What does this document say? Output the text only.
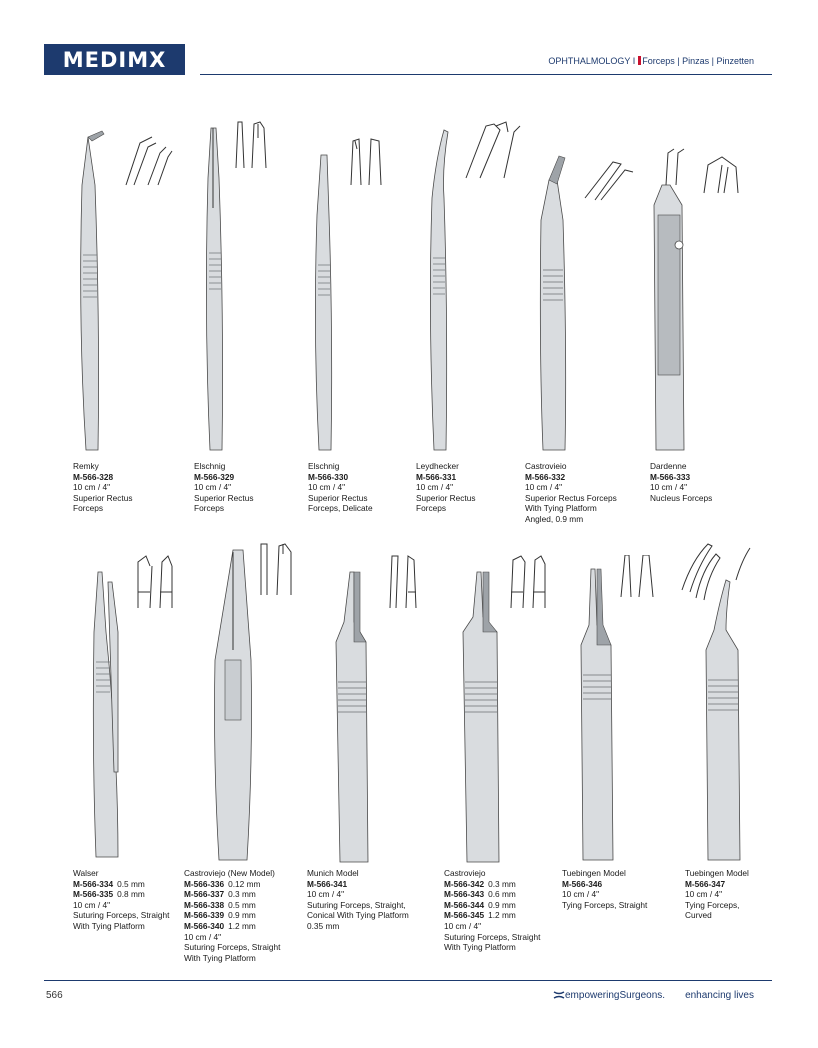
MEDIMX	OPHTHALMOLOGY I Forceps | Pinzas | Pinzetten
Remky
M-566-328
10 cm / 4"
Superior Rectus
Forceps
Elschnig
M-566-329
10 cm / 4"
Superior Rectus
Forceps
Elschnig
M-566-330
10 cm / 4"
Superior Rectus
Forceps, Delicate
Leydhecker
M-566-331
10 cm / 4"
Superior Rectus
Forceps
Castrovieio
M-566-332
10 cm / 4"
Superior Rectus Forceps
With Tying Platform
Angled, 0.9 mm
Dardenne
M-566-333
10 cm / 4"
Nucleus Forceps
Walser
M-566-334 0.5 mm
M-566-335 0.8 mm
10 cm / 4"
Suturing Forceps, Straight
With Tying Platform
Castroviejo (New Model)
M-566-336 0.12 mm
M-566-337 0.3 mm
M-566-338 0.5 mm
M-566-339 0.9 mm
M-566-340 1.2 mm
10 cm / 4"
Suturing Forceps, Straight
With Tying Platform
Munich Model
M-566-341
10 cm / 4"
Suturing Forceps, Straight,
Conical With Tying Platform
0.35 mm
Castroviejo
M-566-342 0.3 mm
M-566-343 0.6 mm
M-566-344 0.9 mm
M-566-345 1.2 mm
10 cm / 4"
Suturing Forceps, Straight
With Tying Platform
Tuebingen Model
M-566-346
10 cm / 4"
Tying Forceps, Straight
Tuebingen Model
M-566-347
10 cm / 4"
Tying Forceps,
Curved
566	empoweringSurgeons. enhancing lives
